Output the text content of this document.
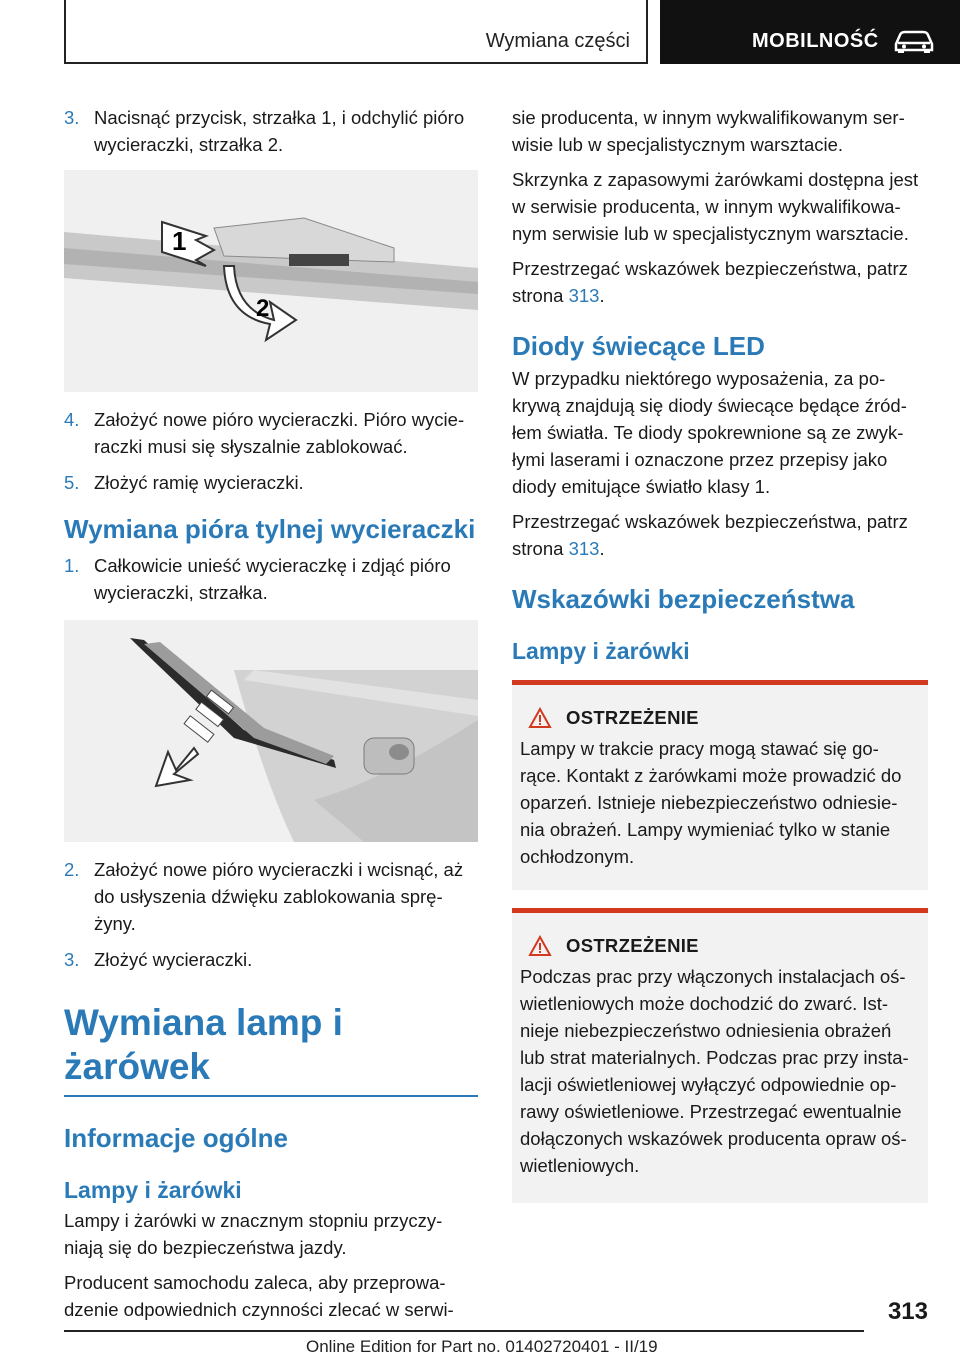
Wymiana części	MOBILNOŚĆ
3. Nacisnąć przycisk, strzałka 1, i odchylić pióro
wycieraczki, strzałka 2.
1
2
4. Założyć nowe pióro wycieraczki. Pióro wycie-
raczki musi się słyszalnie zablokować.
5. Złożyć ramię wycieraczki.
Wymiana pióra tylnej wycieraczki
1. Całkowicie unieść wycieraczkę i zdjąć pióro
wycieraczki, strzałka.
2. Założyć nowe pióro wycieraczki i wcisnąć, aż
do usłyszenia dźwięku zablokowania sprę-
żyny.
3. Złożyć wycieraczki.
Wymiana lamp i żarówek
Informacje ogólne
Lampy i żarówki

Lampy i żarówki w znacznym stopniu przyczy-
niają się do bezpieczeństwa jazdy.

Producent samochodu zaleca, aby przeprowa-
dzenie odpowiednich czynności zlecać w serwi-

sie producenta, w innym wykwalifikowanym ser-
wisie lub w specjalistycznym warsztacie.

Skrzynka z zapasowymi żarówkami dostępna jest
w serwisie producenta, w innym wykwalifikowa-
nym serwisie lub w specjalistycznym warsztacie.

Przestrzegać wskazówek bezpieczeństwa, patrz
strona 313.

Diody świecące LED

W przypadku niektórego wyposażenia, za po-
krywą znajdują się diody świecące będące źród-
łem światła. Te diody spokrewnione są ze zwyk-
łymi laserami i oznaczone przez przepisy jako
diody emitujące światło klasy 1.

Przestrzegać wskazówek bezpieczeństwa, patrz
strona 313.

Wskazówki bezpieczeństwa
Lampy i żarówki
OSTRZEŻENIE

Lampy w trakcie pracy mogą stawać się go-
rące. Kontakt z żarówkami może prowadzić do
oparzeń. Istnieje niebezpieczeństwo odniesie-
nia obrażeń. Lampy wymieniać tylko w stanie
ochłodzonym.

OSTRZEŻENIE

Podczas prac przy włączonych instalacjach oś-
wietleniowych może dochodzić do zwarć. Ist-
nieje niebezpieczeństwo odniesienia obrażeń
lub strat materialnych. Podczas prac przy insta-
lacji oświetleniowej wyłączyć odpowiednie op-
rawy oświetleniowe. Przestrzegać ewentualnie
dołączonych wskazówek producenta opraw oś-
wietleniowych.

313
Online Edition for Part no. 01402720401 - II/19
